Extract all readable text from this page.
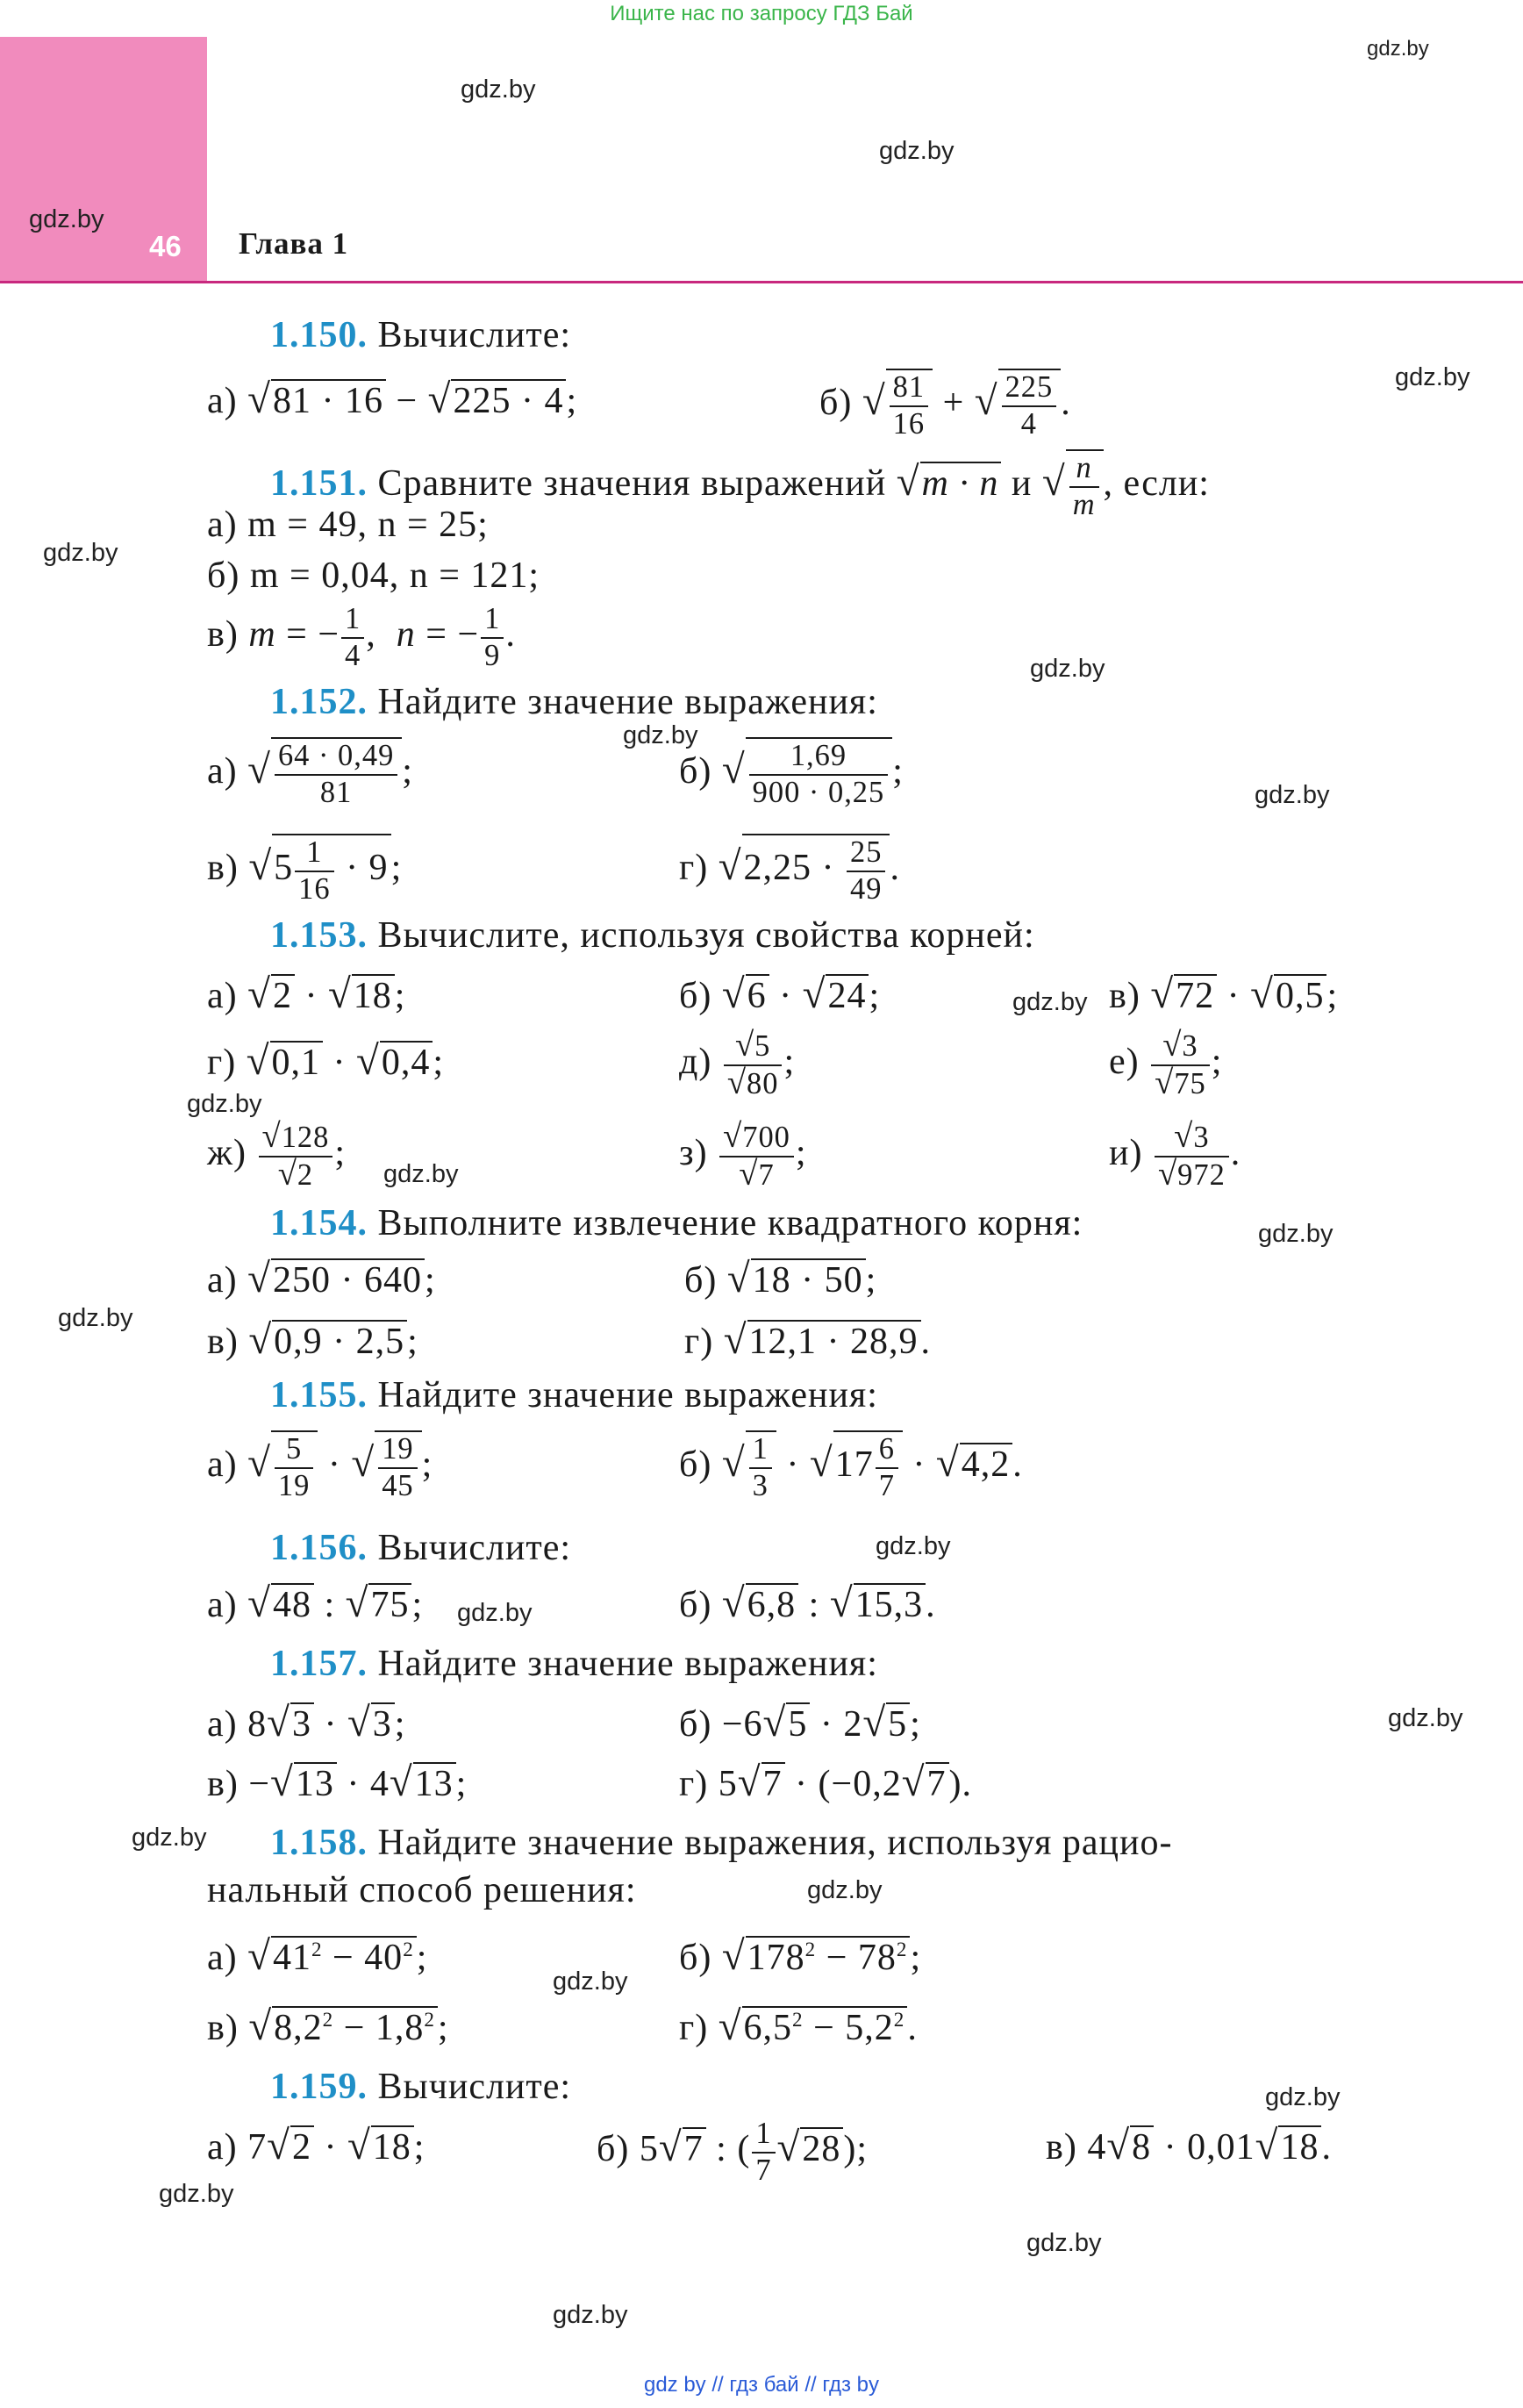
Ищите нас по запросу ГДЗ Бай
46 Глава 1
gdz.by
gdz.by
gdz.by
gdz.by
gdz.by
gdz.by
gdz.by
gdz.by
gdz.by
gdz.by
gdz.by
gdz.by
gdz.by
gdz.by
gdz.by
gdz.by
gdz.by
gdz.by
gdz.by
gdz.by
gdz.by
gdz.by
gdz.by
gdz.by
1.150. Вычислите:
а) √81 · 16 − √225 · 4;	б) √ $\frac{81}{16}$ + √ $\frac{225}{4}$ .
1.151. Сравните значения выражений √m · n и √ $\frac{n}{m}$ , если:
а) m = 49, n = 25;
б) m = 0,04, n = 121;
в) m = − $\frac{1}{4}$ ,  n = − $\frac{1}{9}$ .
1.152. Найдите значение выражения:
а) √ $\frac{64 \cdot 0,49}{81}$ ;	б) √ $\frac{1,69}{900 \cdot 0,25}$ ;
в) $√5 \frac{1}{16} \cdot 9$;	г) $√2,25 \cdot \frac{25}{49}$ .
1.153. Вычислите, используя свойства корней:
а) √2 · √18;	б) √6 · √24;	в) √72 · √0,5;
г) √0,1 · √0,4;	$д) \frac{√5}{√80}$ ;	$е) \frac{√3}{√75}$ ;
$ж) \frac{√128}{√2}$ ;	$з) \frac{√700}{√7}$ ;	$и) \frac{√3}{√972}$ .
1.154. Выполните извлечение квадратного корня:
а) √250 · 640;	б) √18 · 50;
в) √0,9 · 2,5;	г) √12,1 · 28,9.
1.155. Найдите значение выражения:
а) √ $\frac{5}{19}$ · √ $\frac{19}{45}$ ;	б) √ $\frac{1}{3} \cdot √17 \frac{6}{7} \cdot √4,2$.
1.156. Вычислите:
а) √48 : √75;	б) √6,8 : √15,3.
1.157. Найдите значение выражения:
а) 8√3 · √3;	б) −6√5 · 2√5;
в) −√13 · 4√13;	г) 5√7 · (−0,2√7).
1.158. Найдите значение выражения, используя рацио-
нальный способ решения:
а) $√41^2 - 40^2$;	б) $√178^2 - 78^2$;
в) $√8,2^2 - 1,8^2$;	г) $√6,5^2 - 5,2^2$.
1.159. Вычислите:
а) 7√2 · √18;	б) 5√7 : ( $\frac{1}{7} √28$);	в) 4√8 · 0,01√18.
gdz by // гдз бай // гдз by
